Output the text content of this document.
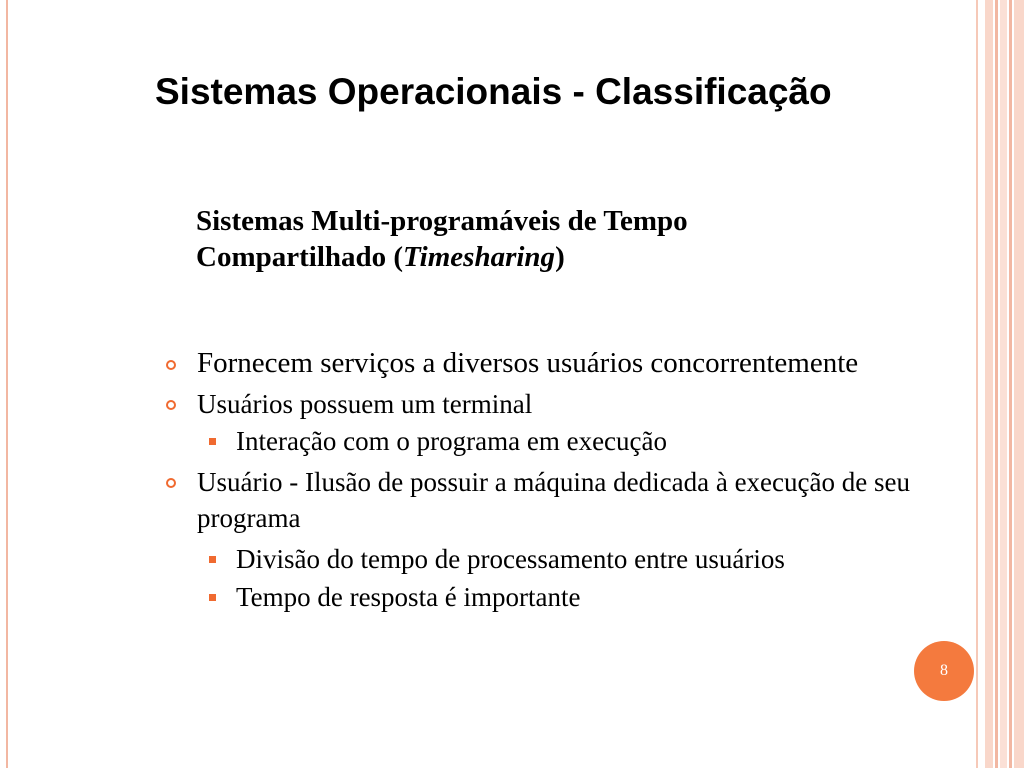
Sistemas Operacionais - Classificação
Sistemas Multi-programáveis de Tempo
Compartilhado (Timesharing)
Fornecem serviços a diversos usuários concorrentemente
Usuários possuem um terminal
Interação com o programa em execução
Usuário - Ilusão de possuir a máquina dedicada à execução de seu programa
Divisão do tempo de processamento entre usuários
Tempo de resposta é importante
8
